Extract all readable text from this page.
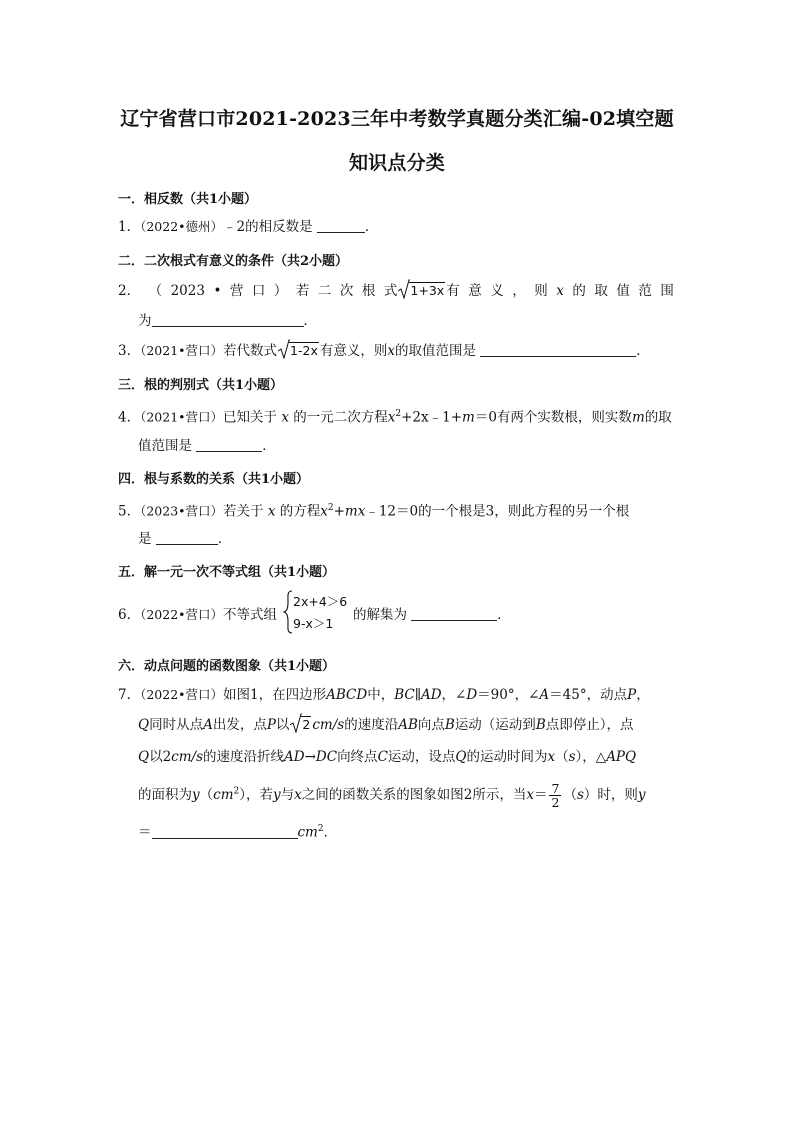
辽宁省营口市2021-2023三年中考数学真题分类汇编-02填空题
知识点分类
一．相反数（共1小题）
1．（2022•德州）﹣2的相反数是	．
二．二次根式有意义的条件（共2小题）
2． （ 2023 • 营 口 ） 若 二 次 根 式 1+3x 有 意 义 ， 则 x 的 取 值 范 围
为	．
3．（2021•营口）若代数式 1-2x 有意义，则x的取值范围是	．
三．根的判别式（共1小题）
4．（2021•营口）已知关于 x 的一元二次方程$x^2+2x﹣1+m=0$有两个实数根，则实数m的取
值范围是	．
四．根与系数的关系（共1小题）
5．（2023•营口）若关于 x 的方程$x^2+mx﹣12=0$的一个根是3，则此方程的另一个根
是	．
五．解一元一次不等式组（共1小题）
6．（2022•营口）不等式组
2x+4＞6
9-x＞1
的解集为	．
六．动点问题的函数图象（共1小题）
7．（2022•营口）如图1，在四边形ABCD中，BC∥AD，∠D＝90°，∠A＝45°，动点P，
Q同时从点A出发，点P以 2 cm/s的速度沿AB向点B运动（运动到B点即停止），点
Q以2cm/s的速度沿折线AD→DC向终点C运动，设点Q的运动时间为x（s），△APQ
的面积为$y(cm^2)$，若y与x之间的函数关系的图象如图2所示，当$x= \frac{7}{2} (s)$时，则y
＝	$cm^2$．
